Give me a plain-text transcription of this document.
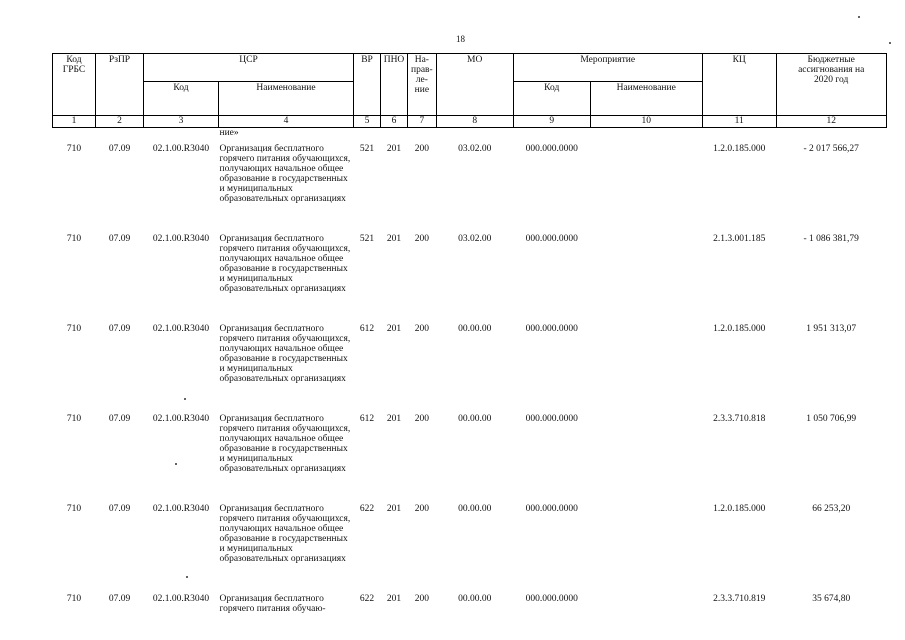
18
Код ГРБС	РзПР	ЦСР		ВР	ПНО	На-прав-ле-ние	МО	Мероприятие		КЦ	Бюджетные ассигнования на 2020 год
		Код	Наименование					Код	Наименование		
1	2	3	4	5	6	7	8	9	10	11	12
			ние»								
710	07.09	02.1.00.R3040	Организация бесплатного горячего питания обучающихся, получающих начальное общее образование в государственных и муниципальных образовательных организациях	521	201	200	03.02.00	000.000.0000		1.2.0.185.000	- 2 017 566,27
710	07.09	02.1.00.R3040	Организация бесплатного горячего питания обучающихся, получающих начальное общее образование в государственных и муниципальных образовательных организациях	521	201	200	03.02.00	000.000.0000		2.1.3.001.185	- 1 086 381,79
710	07.09	02.1.00.R3040	Организация бесплатного горячего питания обучающихся, получающих начальное общее образование в государственных и муниципальных образовательных организациях	612	201	200	00.00.00	000.000.0000		1.2.0.185.000	1 951 313,07
710	07.09	02.1.00.R3040	Организация бесплатного горячего питания обучающихся, получающих начальное общее образование в государственных и муниципальных образовательных организациях	612	201	200	00.00.00	000.000.0000		2.3.3.710.818	1 050 706,99
710	07.09	02.1.00.R3040	Организация бесплатного горячего питания обучающихся, получающих начальное общее образование в государственных и муниципальных образовательных организациях	622	201	200	00.00.00	000.000.0000		1.2.0.185.000	66 253,20
710	07.09	02.1.00.R3040	Организация бесплатного горячего питания обучаю-	622	201	200	00.00.00	000.000.0000		2.3.3.710.819	35 674,80
